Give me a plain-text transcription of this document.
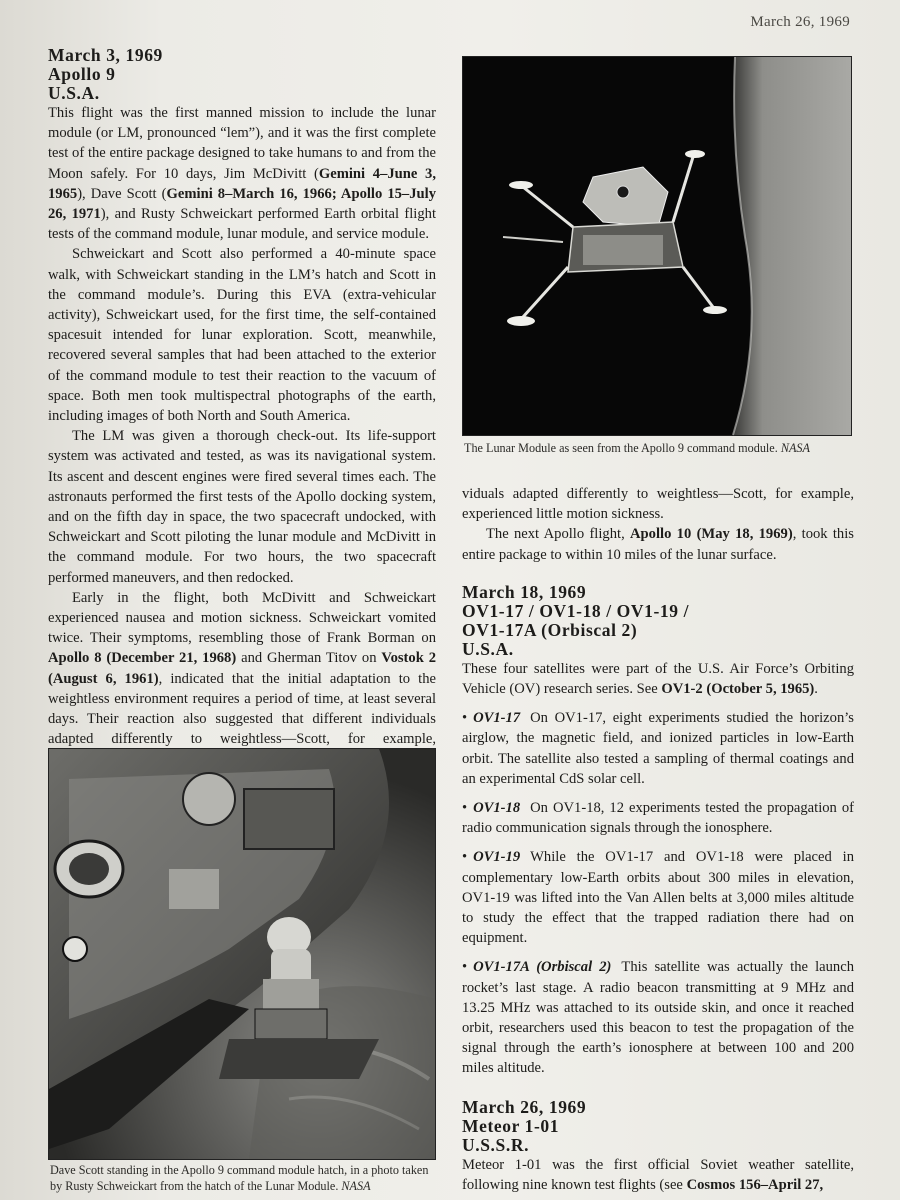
March 26, 1969
March 3, 1969
Apollo 9
U.S.A.

This flight was the first manned mission to include the lunar module (or LM, pronounced “lem”), and it was the first complete test of the entire package designed to take humans to and from the Moon safely. For 10 days, Jim McDivitt (Gemini 4–June 3, 1965), Dave Scott (Gemini 8–March 16, 1966; Apollo 15–July 26, 1971), and Rusty Schweickart performed Earth orbital flight tests of the command module, lunar module, and service module.

Schweickart and Scott also performed a 40-minute space walk, with Schweickart standing in the LM’s hatch and Scott in the command module’s. During this EVA (extra-vehicular activity), Schweickart used, for the first time, the self-contained spacesuit intended for lunar exploration. Scott, meanwhile, recovered several samples that had been attached to the exterior of the command module to test their reaction to the vacuum of space. Both men took multispectral photographs of the earth, including images of both North and South America.

The LM was given a thorough check-out. Its life-support system was activated and tested, as was its navigational system. Its ascent and descent engines were fired several times each. The astronauts performed the first tests of the Apollo docking system, and on the fifth day in space, the two spacecraft undocked, with Schweickart and Scott piloting the lunar module and McDivitt in the command module. For two hours, the two spacecraft performed maneuvers, and then redocked.

Early in the flight, both McDivitt and Schweickart experienced nausea and motion sickness. Schweickart vomited twice. Their symptoms, resembling those of Frank Borman on Apollo 8 (December 21, 1968) and Gherman Titov on Vostok 2 (August 6, 1961), indicated that the initial adaptation to the weightless environment requires a period of time, at least several days. Their reaction also suggested that different individuals adapted differently to weightless—Scott, for example,

Dave Scott standing in the Apollo 9 command module hatch, in a photo taken by Rusty Schweickart from the hatch of the Lunar Module. NASA
The Lunar Module as seen from the Apollo 9 command module. NASA

viduals adapted differently to weightless—Scott, for example, experienced little motion sickness.

The next Apollo flight, Apollo 10 (May 18, 1969), took this entire package to within 10 miles of the lunar surface.

March 18, 1969
OV1-17 / OV1-18 / OV1-19 /
OV1-17A (Orbiscal 2)
U.S.A.

These four satellites were part of the U.S. Air Force’s Orbiting Vehicle (OV) research series. See OV1-2 (October 5, 1965).

• OV1-17 On OV1-17, eight experiments studied the horizon’s airglow, the magnetic field, and ionized particles in low-Earth orbit. The satellite also tested a sampling of thermal coatings and an experimental CdS solar cell.

• OV1-18 On OV1-18, 12 experiments tested the propagation of radio communication signals through the ionosphere.

• OV1-19 While the OV1-17 and OV1-18 were placed in complementary low-Earth orbits about 300 miles in elevation, OV1-19 was lifted into the Van Allen belts at 3,000 miles altitude to study the effect that the trapped radiation there had on equipment.

• OV1-17A (Orbiscal 2) This satellite was actually the launch rocket’s last stage. A radio beacon transmitting at 9 MHz and 13.25 MHz was attached to its outside skin, and once it reached orbit, researchers used this beacon to test the propagation of the signal through the earth’s ionosphere at between 100 and 200 miles altitude.

March 26, 1969
Meteor 1-01
U.S.S.R.

Meteor 1-01 was the first official Soviet weather satellite, following nine known test flights (see Cosmos 156–April 27,
